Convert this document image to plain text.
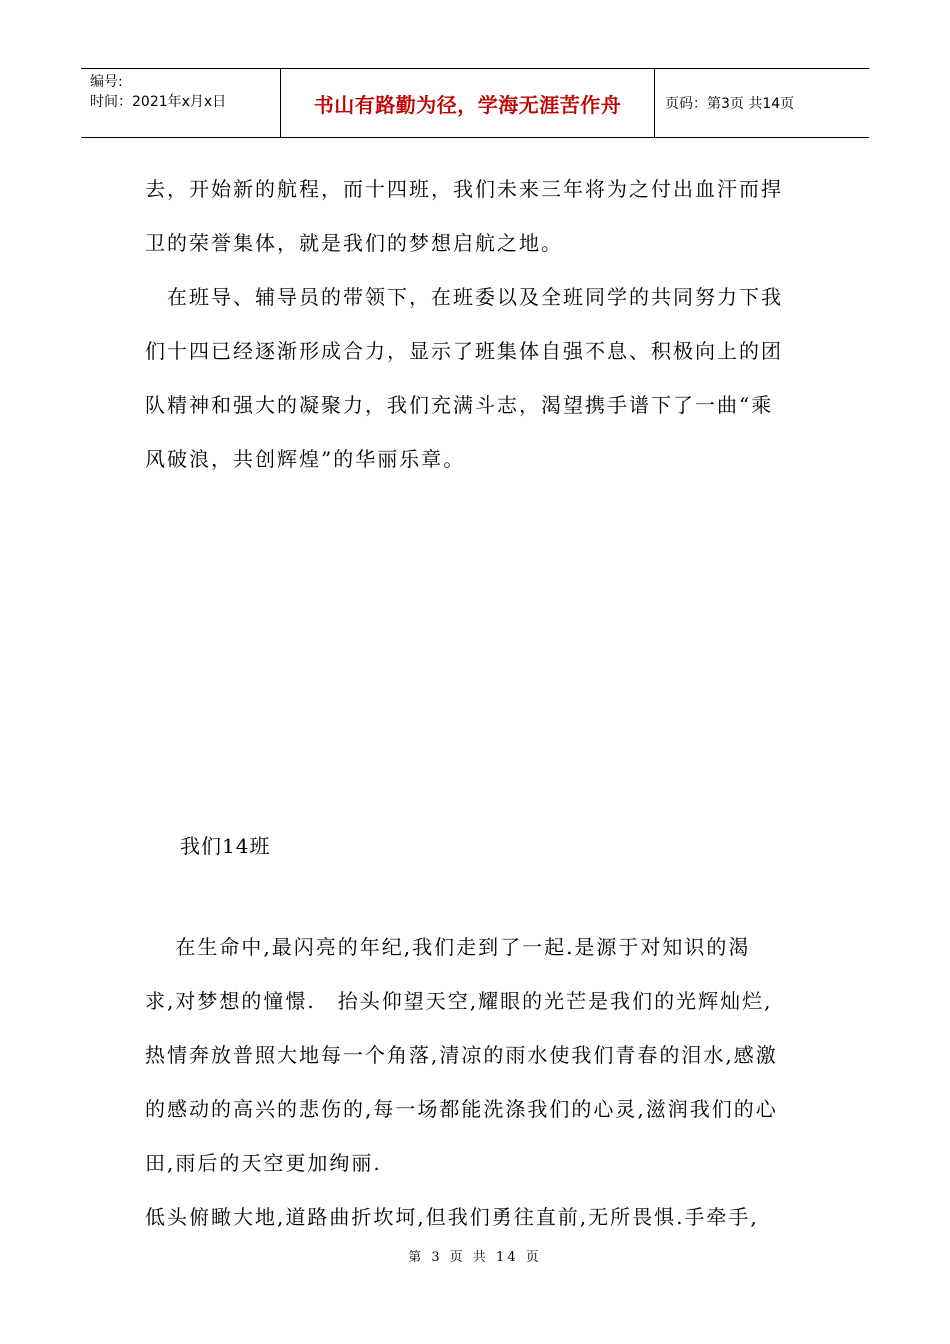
编号:
时间：2021年x月x日	书山有路勤为径，学海无涯苦作舟	页码：第3页 共14页
去，开始新的航程，而十四班，我们未来三年将为之付出血汗而捍
卫的荣誉集体，就是我们的梦想启航之地。
　在班导、辅导员的带领下，在班委以及全班同学的共同努力下我
们十四已经逐渐形成合力，显示了班集体自强不息、积极向上的团
队精神和强大的凝聚力，我们充满斗志，渴望携手谱下了一曲“乘
风破浪，共创辉煌”的华丽乐章。
我们14班
　 在生命中,最闪亮的年纪,我们走到了一起.是源于对知识的渴
求,对梦想的憧憬.　抬头仰望天空,耀眼的光芒是我们的光辉灿烂,
热情奔放普照大地每一个角落,清凉的雨水使我们青春的泪水,感激
的感动的高兴的悲伤的,每一场都能洗涤我们的心灵,滋润我们的心
田,雨后的天空更加绚丽.
低头俯瞰大地,道路曲折坎坷,但我们勇往直前,无所畏惧.手牵手,
第 3 页 共 14 页
